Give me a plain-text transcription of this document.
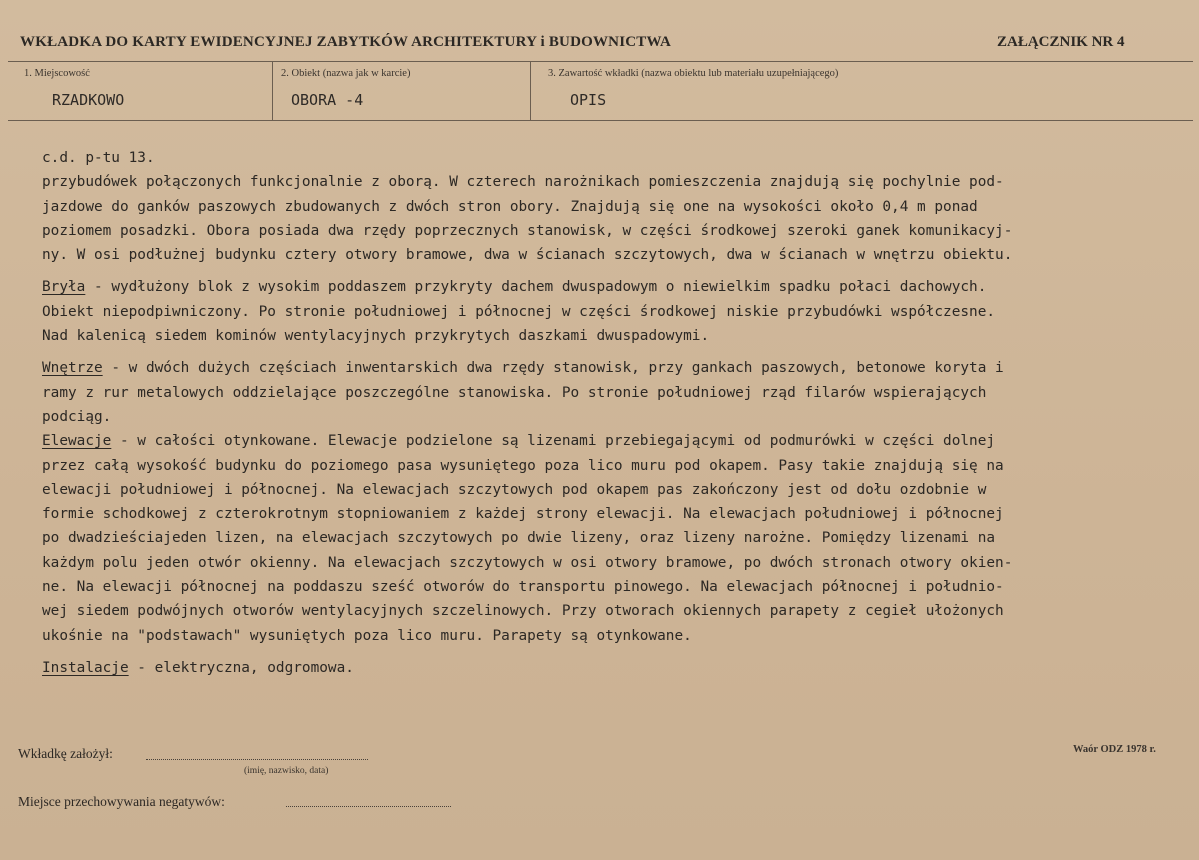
WKŁADKA DO KARTY EWIDENCYJNEJ ZABYTKÓW ARCHITEKTURY i BUDOWNICTWA	ZAŁĄCZNIK NR 4
1. Miejscowość
RZADKOWO
2. Obiekt (nazwa jak w karcie)
OBORA -4
3. Zawartość wkładki (nazwa obiektu lub materiału uzupełniającego)
OPIS
c.d. p-tu 13.
przybudówek połączonych funkcjonalnie z oborą. W czterech narożnikach pomieszczenia znajdują się pochylnie pod-
jazdowe do ganków paszowych zbudowanych z dwóch stron obory. Znajdują się one na wysokości około 0,4 m ponad
poziomem posadzki. Obora posiada dwa rzędy poprzecznych stanowisk, w części środkowej szeroki ganek komunikacyj-
ny. W osi podłużnej budynku cztery otwory bramowe, dwa w ścianach szczytowych, dwa w ścianach w wnętrzu obiektu.
Bryła - wydłużony blok z wysokim poddaszem przykryty dachem dwuspadowym o niewielkim spadku połaci dachowych.
Obiekt niepodpiwniczony. Po stronie południowej i północnej w części środkowej niskie przybudówki współczesne.
Nad kalenicą siedem kominów wentylacyjnych przykrytych daszkami dwuspadowymi.
Wnętrze - w dwóch dużych częściach inwentarskich dwa rzędy stanowisk, przy gankach paszowych, betonowe koryta i
ramy z rur metalowych oddzielające poszczególne stanowiska. Po stronie południowej rząd filarów wspierających
podciąg.
Elewacje - w całości otynkowane. Elewacje podzielone są lizenami przebiegającymi od podmurówki w części dolnej
przez całą wysokość budynku do poziomego pasa wysuniętego poza lico muru pod okapem. Pasy takie znajdują się na
elewacji południowej i północnej. Na elewacjach szczytowych pod okapem pas zakończony jest od dołu ozdobnie w
formie schodkowej z czterokrotnym stopniowaniem z każdej strony elewacji. Na elewacjach południowej i północnej
po dwadzieściajeden lizen, na elewacjach szczytowych po dwie lizeny, oraz lizeny narożne. Pomiędzy lizenami na
każdym polu jeden otwór okienny. Na elewacjach szczytowych w osi otwory bramowe, po dwóch stronach otwory okien-
ne. Na elewacji północnej na poddaszu sześć otworów do transportu pinowego. Na elewacjach północnej i południo-
wej siedem podwójnych otworów wentylacyjnych szczelinowych. Przy otworach okiennych parapety z cegieł ułożonych
ukośnie na "podstawach" wysuniętych poza lico muru. Parapety są otynkowane.
Instalacje - elektryczna, odgromowa.
Wkładkę założył:
(imię, nazwisko, data)
Waór ODZ 1978 r.
Miejsce przechowywania negatywów:
